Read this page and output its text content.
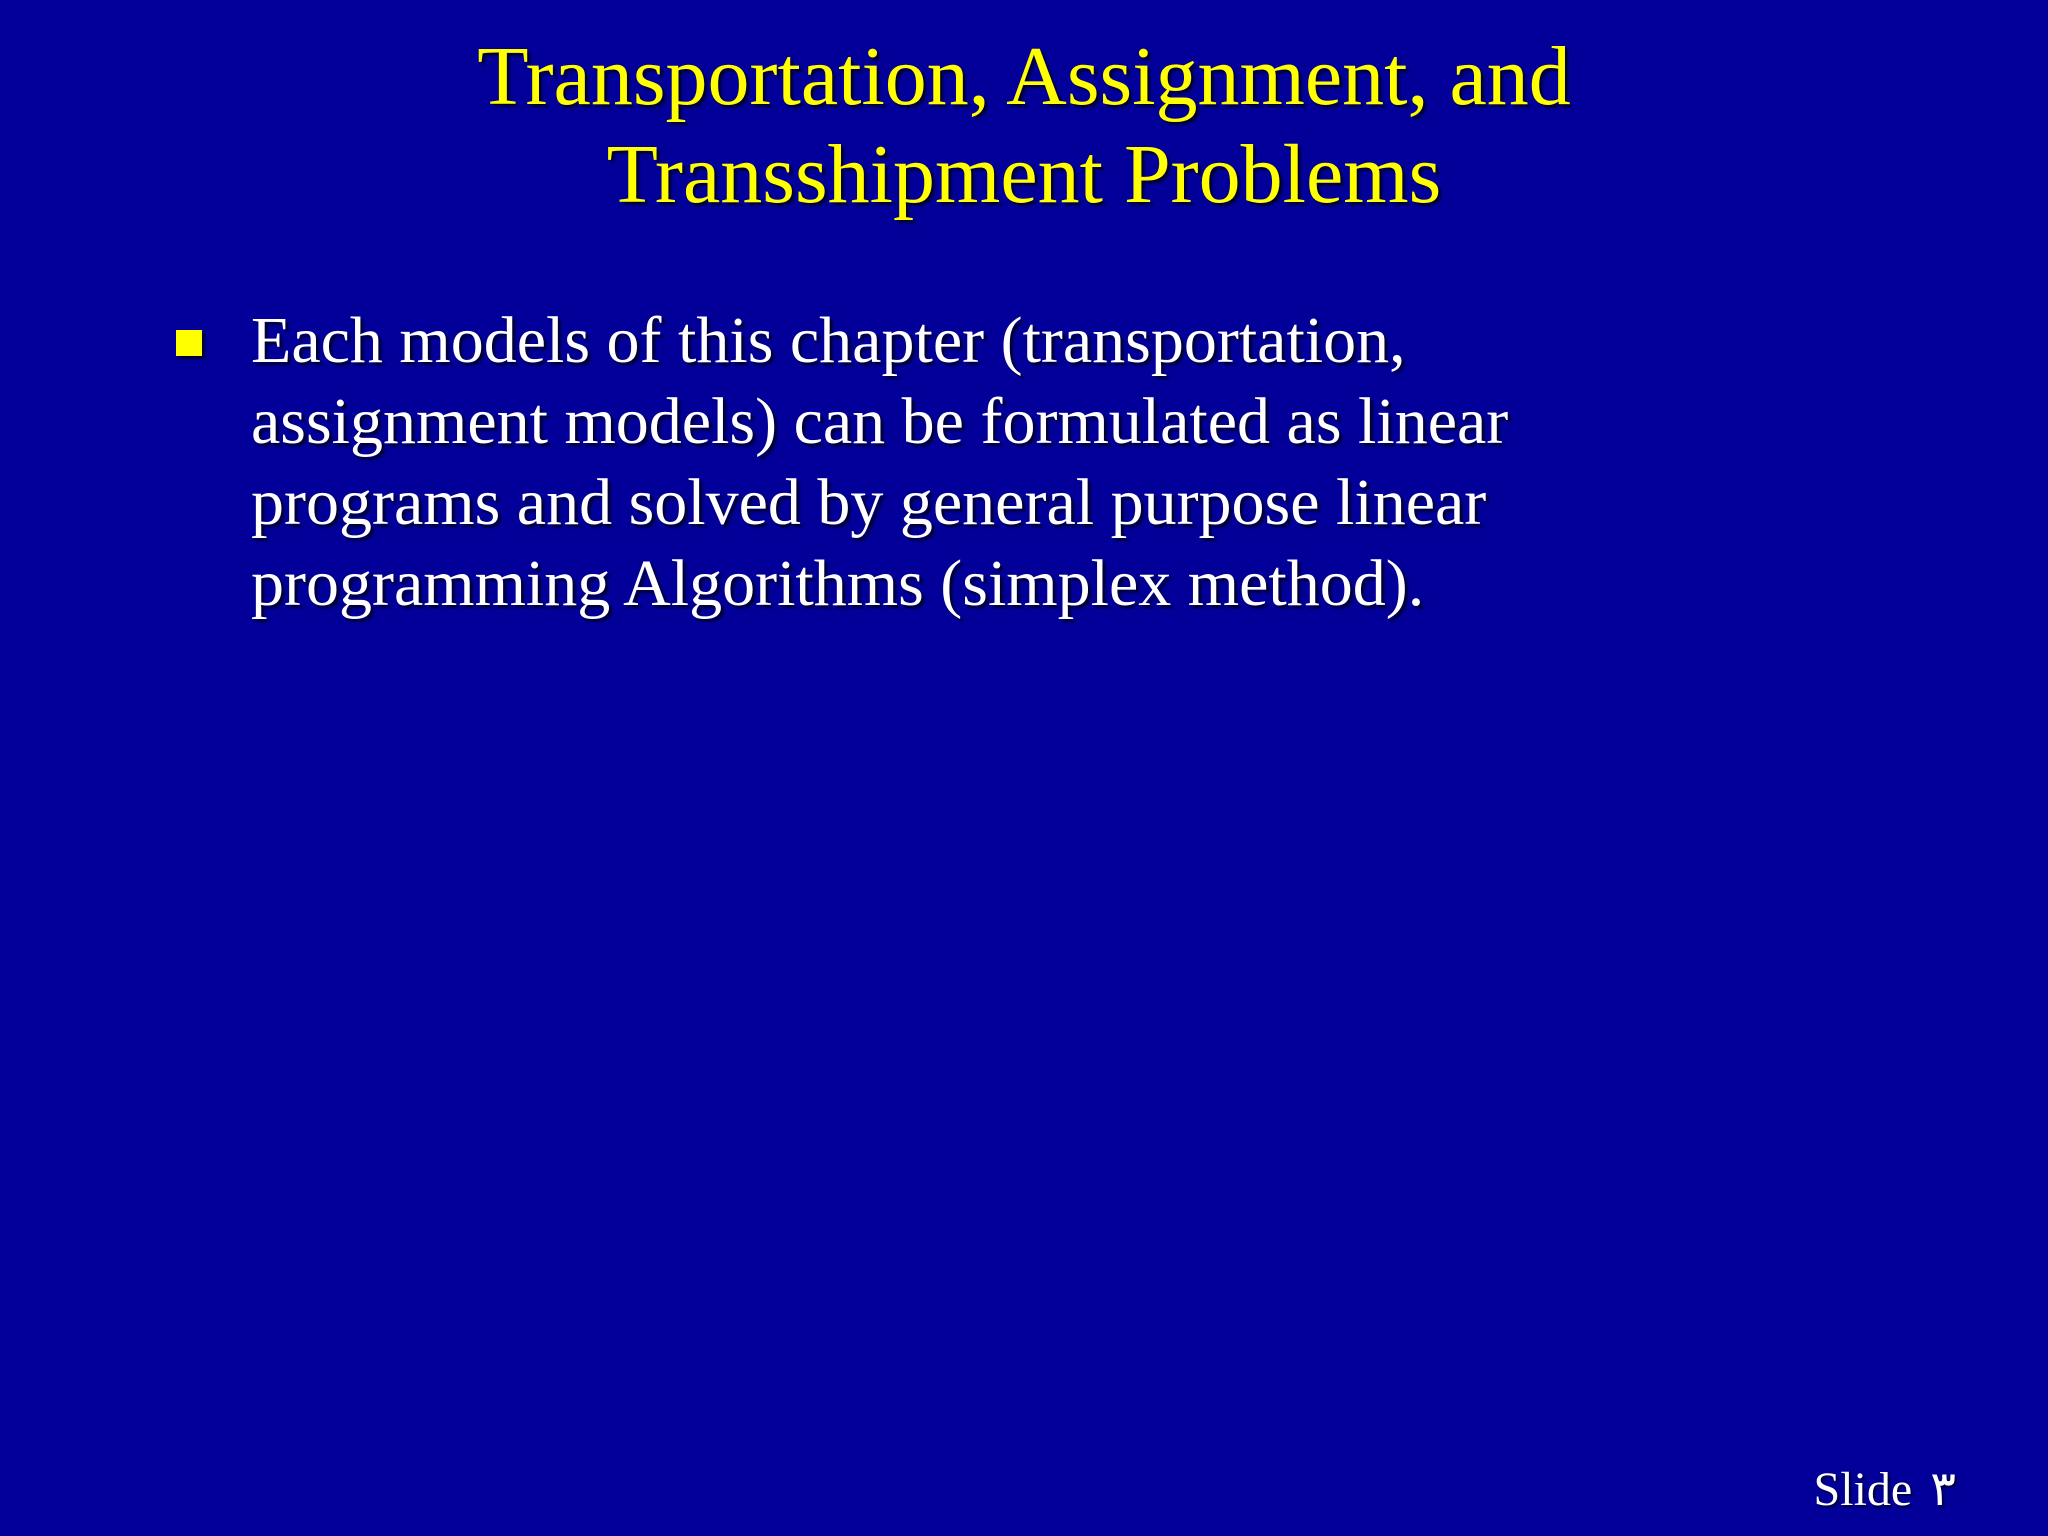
Transportation, Assignment, and
Transshipment Problems
Each models of this chapter (transportation,
assignment models) can be formulated as linear
programs and solved by general purpose linear
programming Algorithms (simplex method).
Slide ٣
